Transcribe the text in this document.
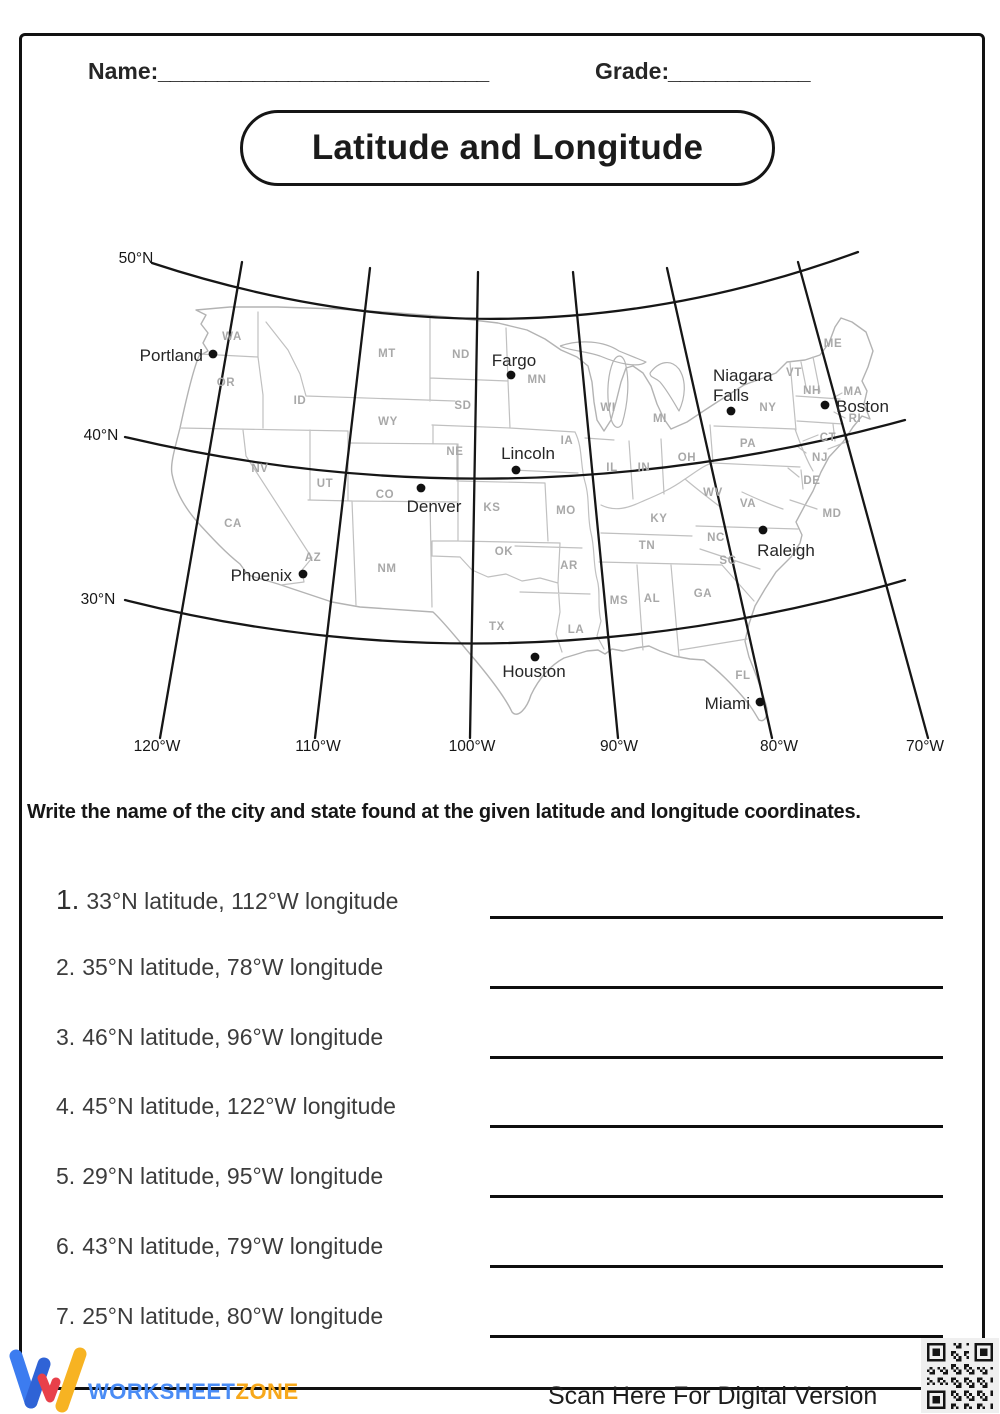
Name: ____________________________	Grade:
____________
Latitude and Longitude
WA
OR
ID
MT	ND
SD
WY
NE
NV
UT
CA
AZ
NM
CO
KS
OK
TX
MN
IA
MO
AR
LA
WI
MI
IL IN
OH
KY
TN
MS AL	GA
FL
WV
VA
NC
SC
PA
NY
NJ
DE
MD
CT
RI
MA
VT
NH
ME
Portland	Fargo
Lincoln
Denver
Phoenix
Niagara Falls
Boston
Raleigh
Houston
Miami
50°N
40°N
30°N
120°W	110°W	100°W	90°W	80°W	70°W
Write the name of the city and state found at the given latitude and longitude coordinates.
1. 33°N latitude, 112°W longitude
2. 35°N latitude, 78°W longitude
3. 46°N latitude, 96°W longitude
4. 45°N latitude, 122°W longitude
5. 29°N latitude, 95°W longitude
6. 43°N latitude, 79°W longitude
7. 25°N latitude, 80°W longitude
WORKSHEETZONE	Scan Here For Digital Version
